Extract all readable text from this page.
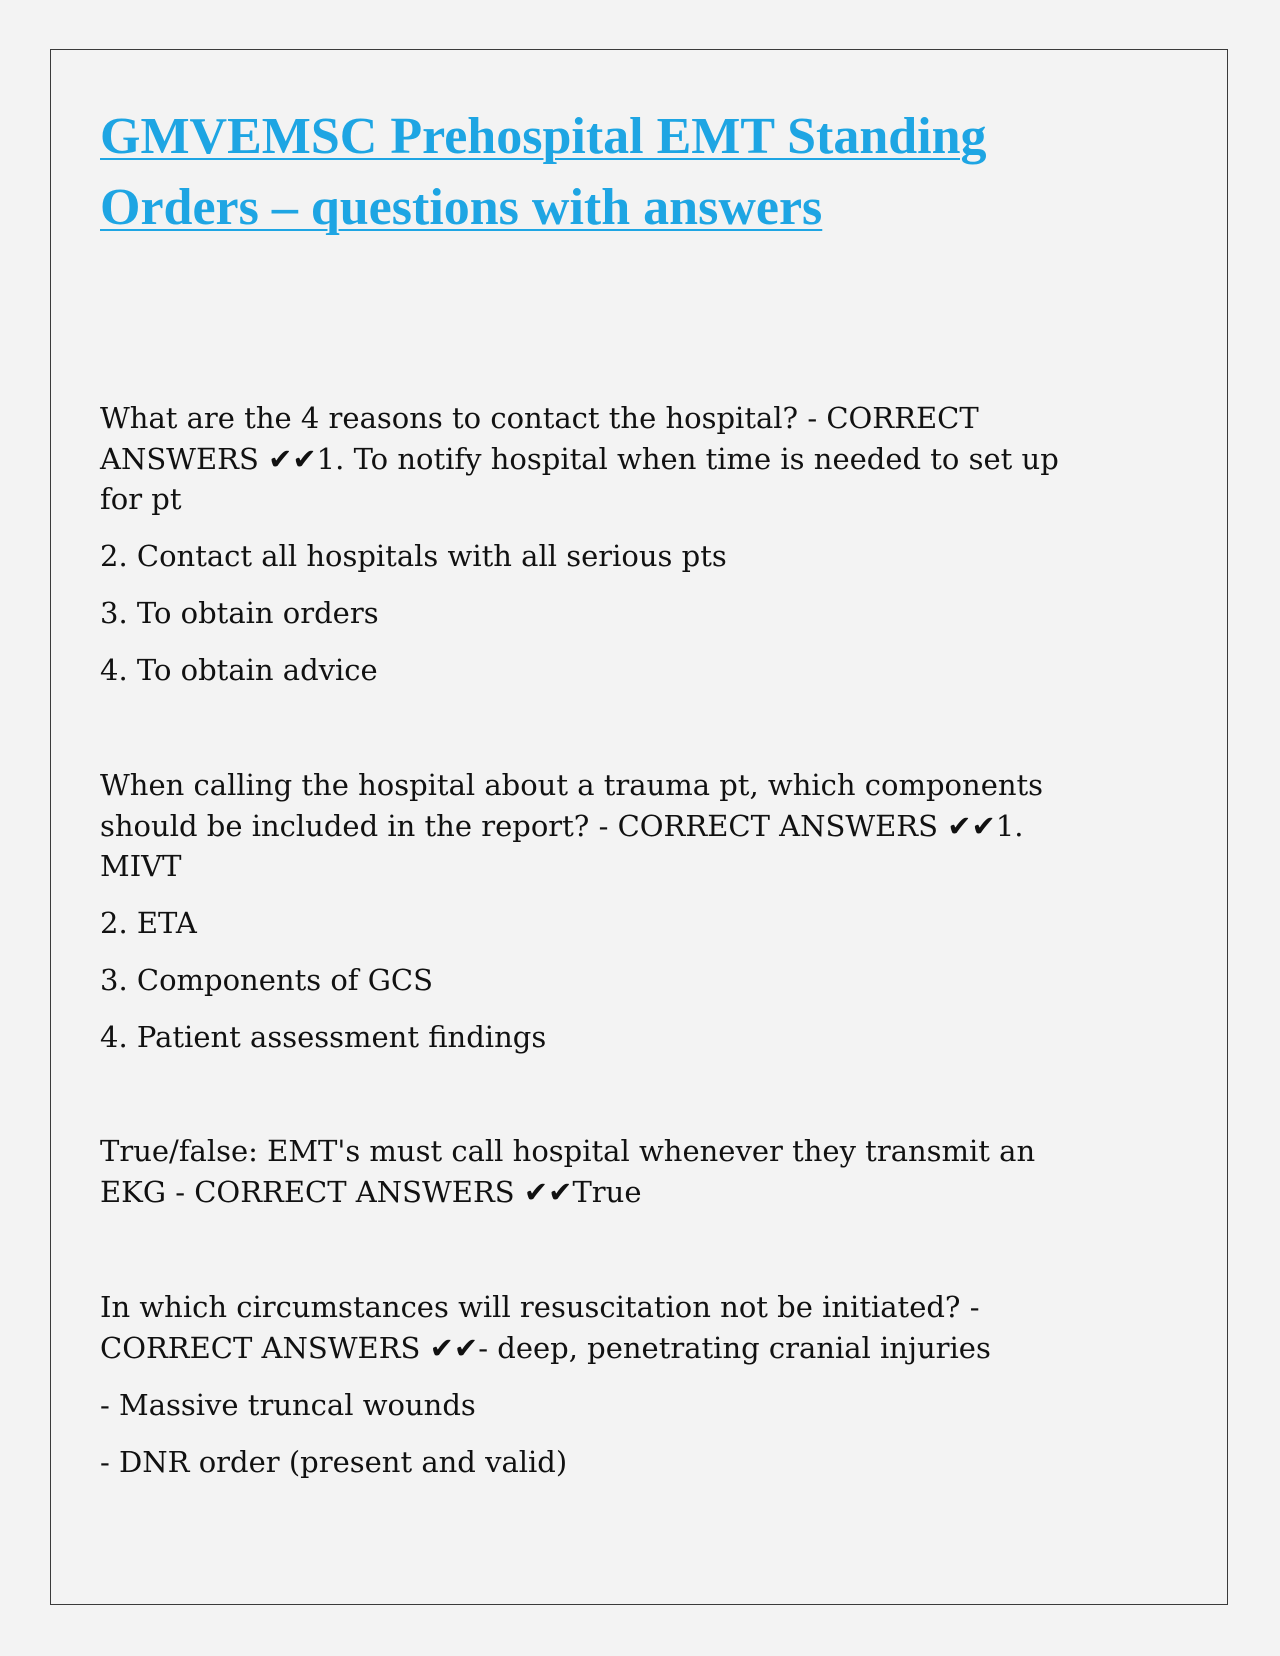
GMVEMSC Prehospital EMT Standing
Orders – questions with answers

What are the 4 reasons to contact the hospital? - CORRECT
ANSWERS ✔✔1. To notify hospital when time is needed to set up
for pt

2. Contact all hospitals with all serious pts
3. To obtain orders
4. To obtain advice

When calling the hospital about a trauma pt, which components
should be included in the report? - CORRECT ANSWERS ✔✔1.
MIVT

2. ETA
3. Components of GCS
4. Patient assessment findings

True/false: EMT's must call hospital whenever they transmit an
EKG - CORRECT ANSWERS ✔✔True

In which circumstances will resuscitation not be initiated? -
CORRECT ANSWERS ✔✔- deep, penetrating cranial injuries

- Massive truncal wounds
- DNR order (present and valid)
